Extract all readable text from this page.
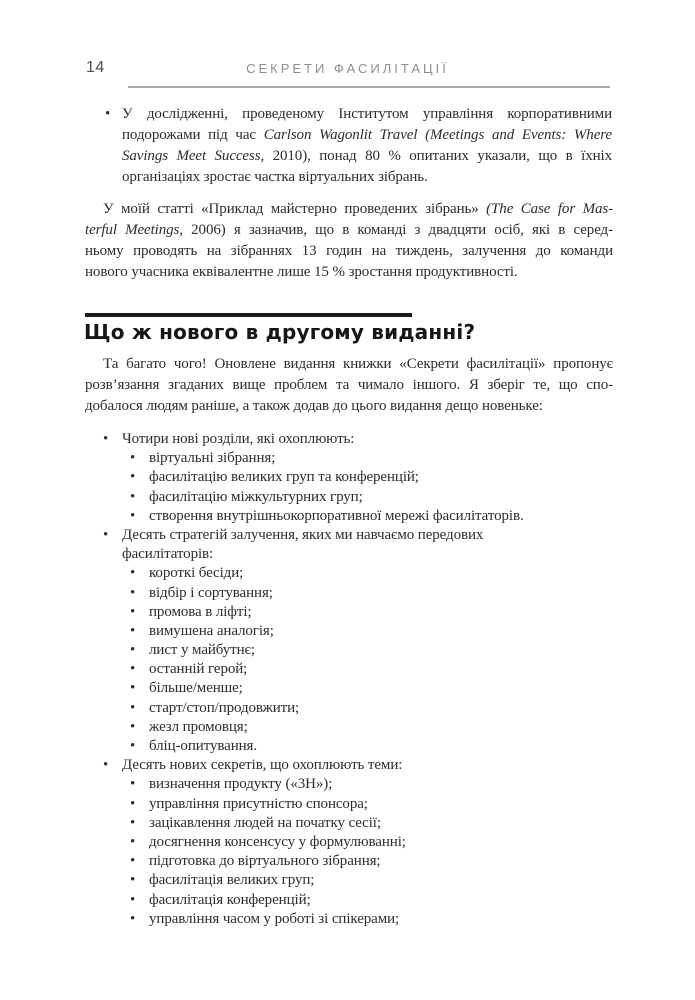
14	СЕКРЕТИ ФАСИЛІТАЦІЇ
• У дослідженні, проведеному Інститутом управління корпоративними
подорожами під час Carlson Wagonlit Travel (Meetings and Events: Where
Savings Meet Success, 2010), понад 80 % опитаних указали, що в їхніх
організаціях зростає частка віртуальних зібрань.
У моїй статті «Приклад майстерно проведених зібрань» (The Case for Mas-
terful Meetings, 2006) я зазначив, що в команді з двадцяти осіб, які в серед-
ньому проводять на зібраннях 13 годин на тиждень, залучення до команди
нового учасника еквівалентне лише 15 % зростання продуктивності.
Що ж нового в другому виданні?
Та багато чого! Оновлене видання книжки «Секрети фасилітації» пропонує
розв’язання згаданих вище проблем та чимало іншого. Я зберіг те, що спо-
добалося людям раніше, а також додав до цього видання дещо новеньке:
• Чотири нові розділи, які охоплюють:
• віртуальні зібрання;
• фасилітацію великих груп та конференцій;
• фасилітацію міжкультурних груп;
• створення внутрішньокорпоративної мережі фасилітаторів.
• Десять стратегій залучення, яких ми навчаємо передових
фасилітаторів:
• короткі бесіди;
• відбір і сортування;
• промова в ліфті;
• вимушена аналогія;
• лист у майбутнє;
• останній герой;
• більше/менше;
• старт/стоп/продовжити;
• жезл промовця;
• бліц-опитування.
• Десять нових секретів, що охоплюють теми:
• визначення продукту («3Н»);
• управління присутністю спонсора;
• зацікавлення людей на початку сесії;
• досягнення консенсусу у формулюванні;
• підготовка до віртуального зібрання;
• фасилітація великих груп;
• фасилітація конференцій;
• управління часом у роботі зі спікерами;
